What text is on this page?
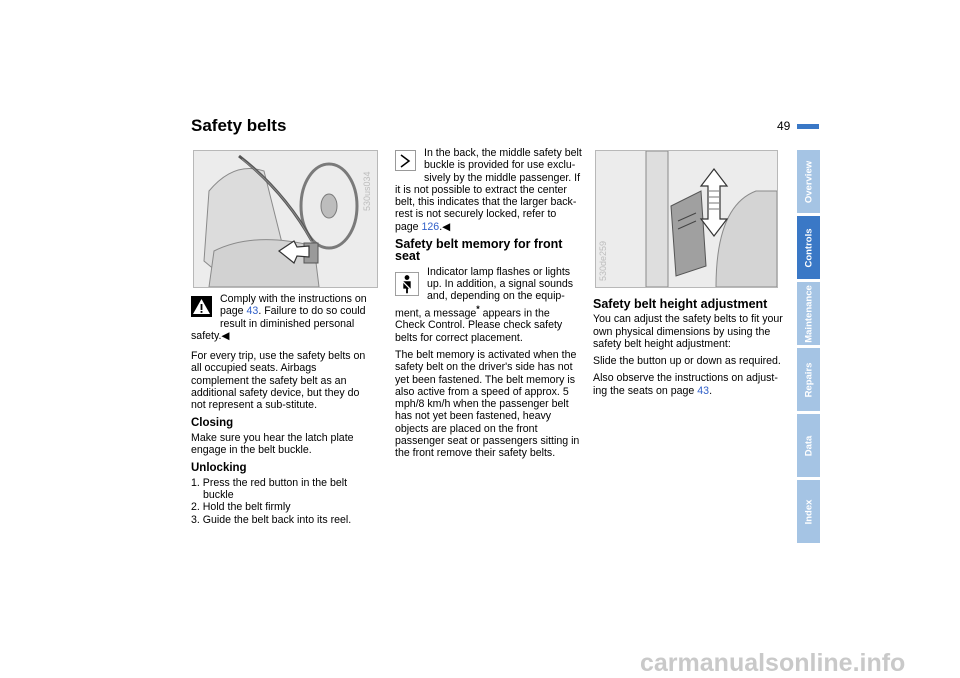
Safety belts	49
530us034

Comply with the instructions on page 43. Failure to do so could result in diminished personal safety.◀

For every trip, use the safety belts on all occupied seats. Airbags complement the safety belt as an additional safety device, but they do not represent a sub-stitute.

Closing

Make sure you hear the latch plate engage in the belt buckle.

Unlocking
1. Press the red button in the belt
buckle
2. Hold the belt firmly
3. Guide the belt back into its reel.

In the back, the middle safety belt buckle is provided for use exclu-sively by the middle passenger. If it is not possible to extract the center belt, this indicates that the larger back-rest is not securely locked, refer to page 126.◀

Safety belt memory for front seat

Indicator lamp flashes or lights up. In addition, a signal sounds and, depending on the equip-ment, a message* appears in the Check Control. Please check safety belts for correct placement.

The belt memory is activated when the safety belt on the driver's side has not yet been fastened. The belt memory is also active from a speed of approx. 5 mph/8 km/h when the passenger belt has not yet been fastened, heavy objects are placed on the front passenger seat or passengers sitting in the front remove their safety belts.

530de259
Safety belt height adjustment

You can adjust the safety belts to fit your own physical dimensions by using the safety belt height adjustment:

Slide the button up or down as required.

Also observe the instructions on adjust-ing the seats on page 43.

Overview
Controls
Maintenance
Repairs
Data
Index
carmanualsonline.info
